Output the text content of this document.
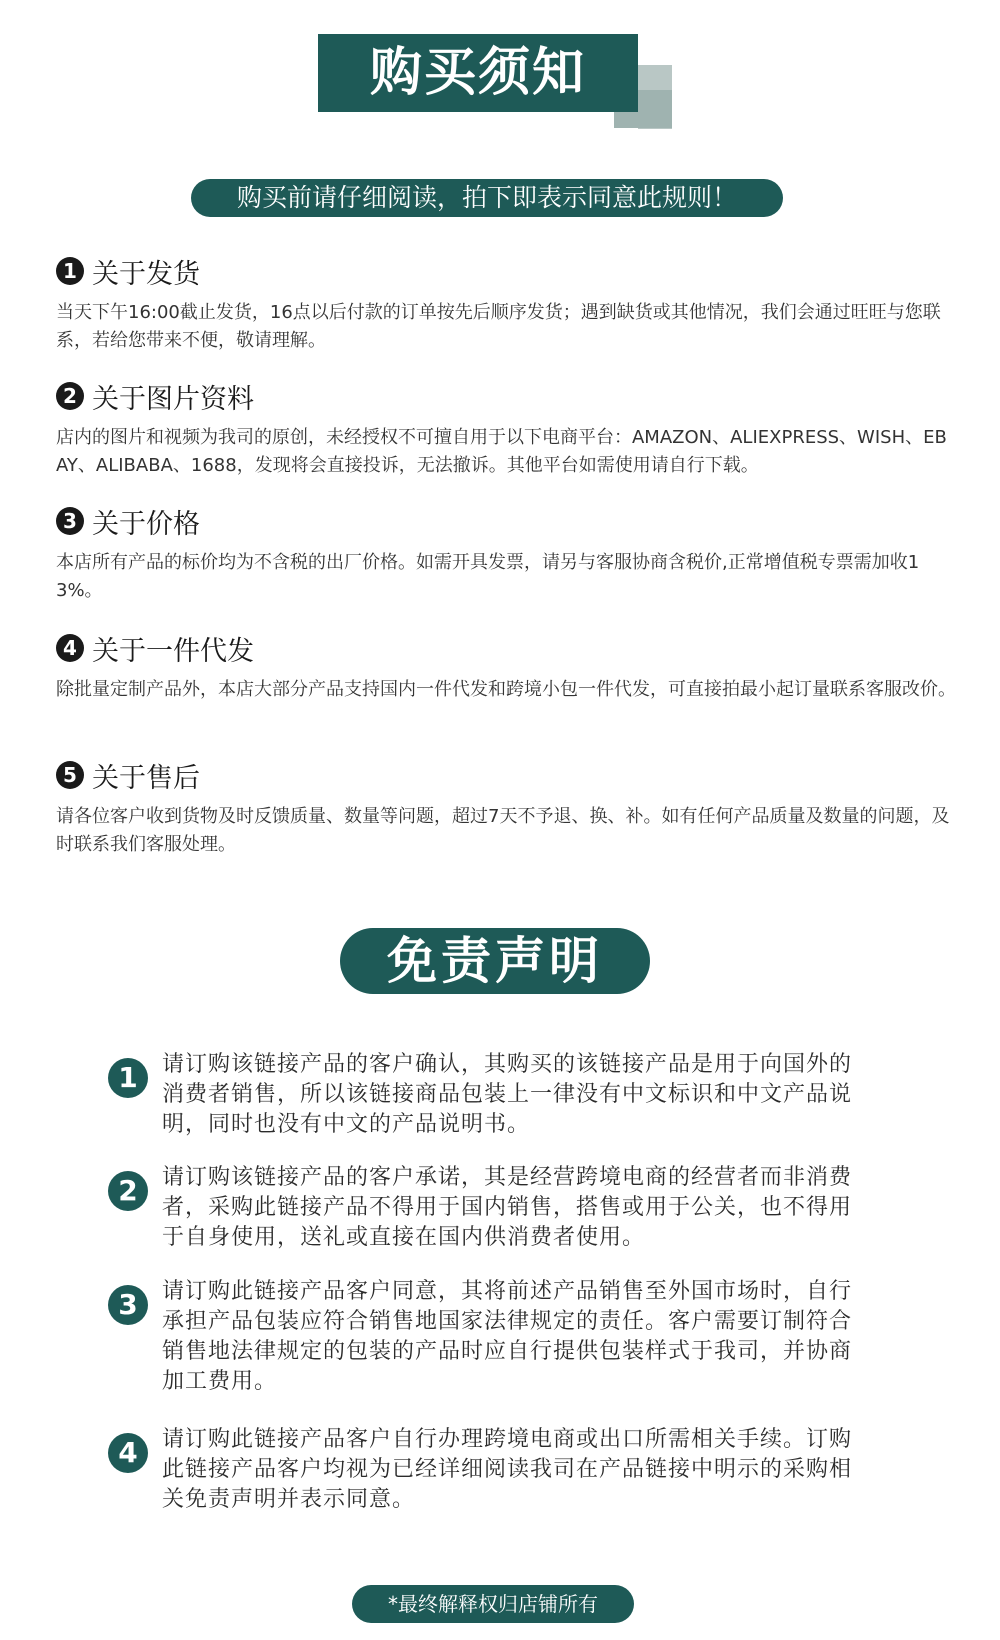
购买须知
购买前请仔细阅读，拍下即表示同意此规则！
1 关于发货
当天下午16:00截止发货，16点以后付款的订单按先后顺序发货；遇到缺货或其他情况，我们会通过旺旺与您联系，若给您带来不便，敬请理解。
2 关于图片资料
店内的图片和视频为我司的原创，未经授权不可擅自用于以下电商平台：AMAZON、ALIEXPRESS、WISH、EBAY、ALIBABA、1688，发现将会直接投诉，无法撤诉。其他平台如需使用请自行下载。
3 关于价格
本店所有产品的标价均为不含税的出厂价格。如需开具发票，请另与客服协商含税价,正常增值税专票需加收13%。
4 关于一件代发
除批量定制产品外，本店大部分产品支持国内一件代发和跨境小包一件代发，可直接拍最小起订量联系客服改价。
5 关于售后
请各位客户收到货物及时反馈质量、数量等问题，超过7天不予退、换、补。如有任何产品质量及数量的问题，及时联系我们客服处理。
免责声明
1	请订购该链接产品的客户确认，其购买的该链接产品是用于向国外的消费者销售，所以该链接商品包装上一律没有中文标识和中文产品说明，同时也没有中文的产品说明书。
2	请订购该链接产品的客户承诺，其是经营跨境电商的经营者而非消费者，采购此链接产品不得用于国内销售，搭售或用于公关，也不得用于自身使用，送礼或直接在国内供消费者使用。
3	请订购此链接产品客户同意，其将前述产品销售至外国市场时，自行承担产品包装应符合销售地国家法律规定的责任。客户需要订制符合销售地法律规定的包装的产品时应自行提供包装样式于我司，并协商加工费用。
4	请订购此链接产品客户自行办理跨境电商或出口所需相关手续。订购此链接产品客户均视为已经详细阅读我司在产品链接中明示的采购相关免责声明并表示同意。
*最终解释权归店铺所有
